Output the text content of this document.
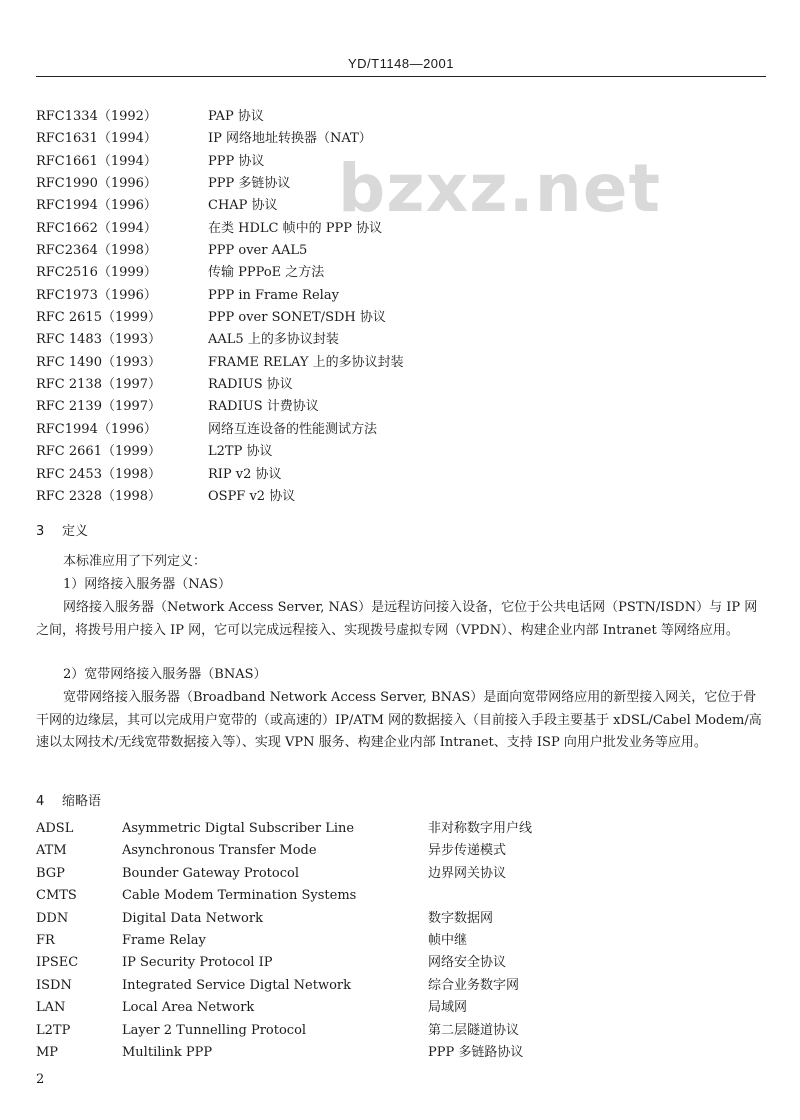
YD/T1148—2001
bzxz.net
RFC1334（1992）	PAP 协议
RFC1631（1994）	IP 网络地址转换器（NAT）
RFC1661（1994）	PPP 协议
RFC1990（1996）	PPP 多链协议
RFC1994（1996）	CHAP 协议
RFC1662（1994）	在类 HDLC 帧中的 PPP 协议
RFC2364（1998）	PPP over AAL5
RFC2516（1999）	传输 PPPoE 之方法
RFC1973（1996）	PPP in Frame Relay
RFC 2615（1999）	PPP over SONET/SDH 协议
RFC 1483（1993）	AAL5 上的多协议封装
RFC 1490（1993）	FRAME RELAY 上的多协议封装
RFC 2138（1997）	RADIUS 协议
RFC 2139（1997）	RADIUS 计费协议
RFC1994（1996）	网络互连设备的性能测试方法
RFC 2661（1999）	L2TP 协议
RFC 2453（1998）	RIP v2 协议
RFC 2328（1998）	OSPF v2 协议
3 定义
本标准应用了下列定义：
1）网络接入服务器（NAS）
网络接入服务器（Network Access Server, NAS）是远程访问接入设备，它位于公共电话网（PSTN/ISDN）与 IP 网之间，将拨号用户接入 IP 网，它可以完成远程接入、实现拨号虚拟专网（VPDN）、构建企业内部 Intranet 等网络应用。
2）宽带网络接入服务器（BNAS）
宽带网络接入服务器（Broadband Network Access Server, BNAS）是面向宽带网络应用的新型接入网关，它位于骨干网的边缘层，其可以完成用户宽带的（或高速的）IP/ATM 网的数据接入（目前接入手段主要基于 xDSL/Cabel Modem/高速以太网技术/无线宽带数据接入等）、实现 VPN 服务、构建企业内部 Intranet、支持 ISP 向用户批发业务等应用。
4 缩略语
ADSL	Asymmetric Digtal Subscriber Line	非对称数字用户线
ATM	Asynchronous Transfer Mode	异步传递模式
BGP	Bounder Gateway Protocol	边界网关协议
CMTS	Cable Modem Termination Systems
DDN	Digital Data Network	数字数据网
FR	Frame Relay	帧中继
IPSEC	IP Security Protocol IP	网络安全协议
ISDN	Integrated Service Digtal Network	综合业务数字网
LAN	Local Area Network	局域网
L2TP	Layer 2 Tunnelling Protocol	第二层隧道协议
MP	Multilink PPP	PPP 多链路协议
2
